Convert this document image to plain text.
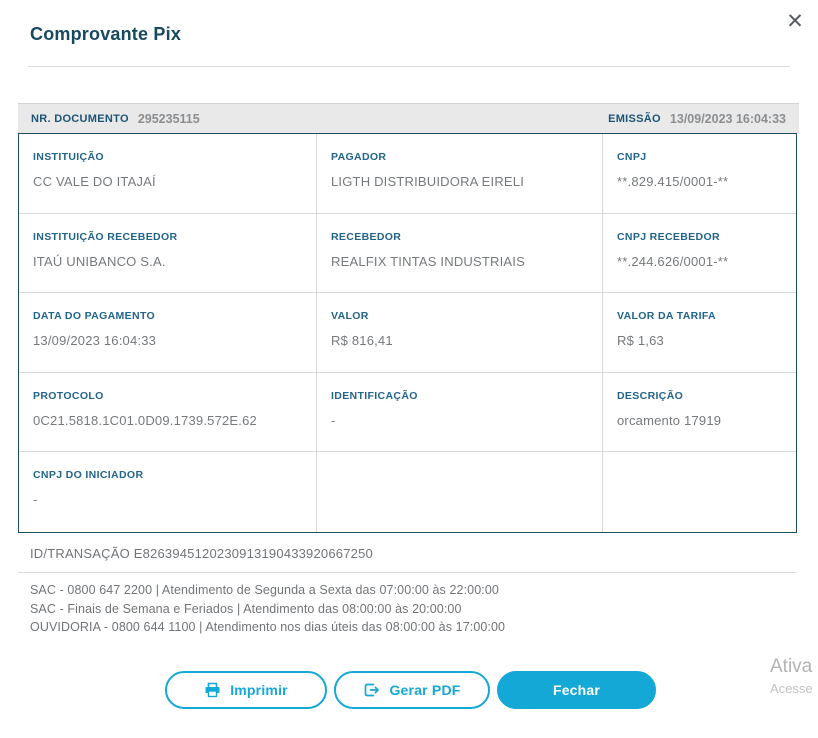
Comprovante Pix
✕
NR. DOCUMENTO 295235115	EMISSÃO 13/09/2023 16:04:33
INSTITUIÇÃO
CC VALE DO ITAJAÍ
PAGADOR
LIGTH DISTRIBUIDORA EIRELI
CNPJ
**.829.415/0001-**
INSTITUIÇÃO RECEBEDOR
ITAÚ UNIBANCO S.A.
RECEBEDOR
REALFIX TINTAS INDUSTRIAIS
CNPJ RECEBEDOR
**.244.626/0001-**
DATA DO PAGAMENTO
13/09/2023 16:04:33
VALOR
R$ 816,41
VALOR DA TARIFA
R$ 1,63
PROTOCOLO
0C21.5818.1C01.0D09.1739.572E.62
IDENTIFICAÇÃO
-
DESCRIÇÃO
orcamento 17919
CNPJ DO INICIADOR
-
ID/TRANSAÇÃO E8263945120230913190433920667250
SAC - 0800 647 2200 | Atendimento de Segunda a Sexta das 07:00:00 às 22:00:00
SAC - Finais de Semana e Feriados | Atendimento das 08:00:00 às 20:00:00
OUVIDORIA - 0800 644 1100 | Atendimento nos dias úteis das 08:00:00 às 17:00:00
Imprimir	Gerar PDF	Fechar
Ativa
Acesse
